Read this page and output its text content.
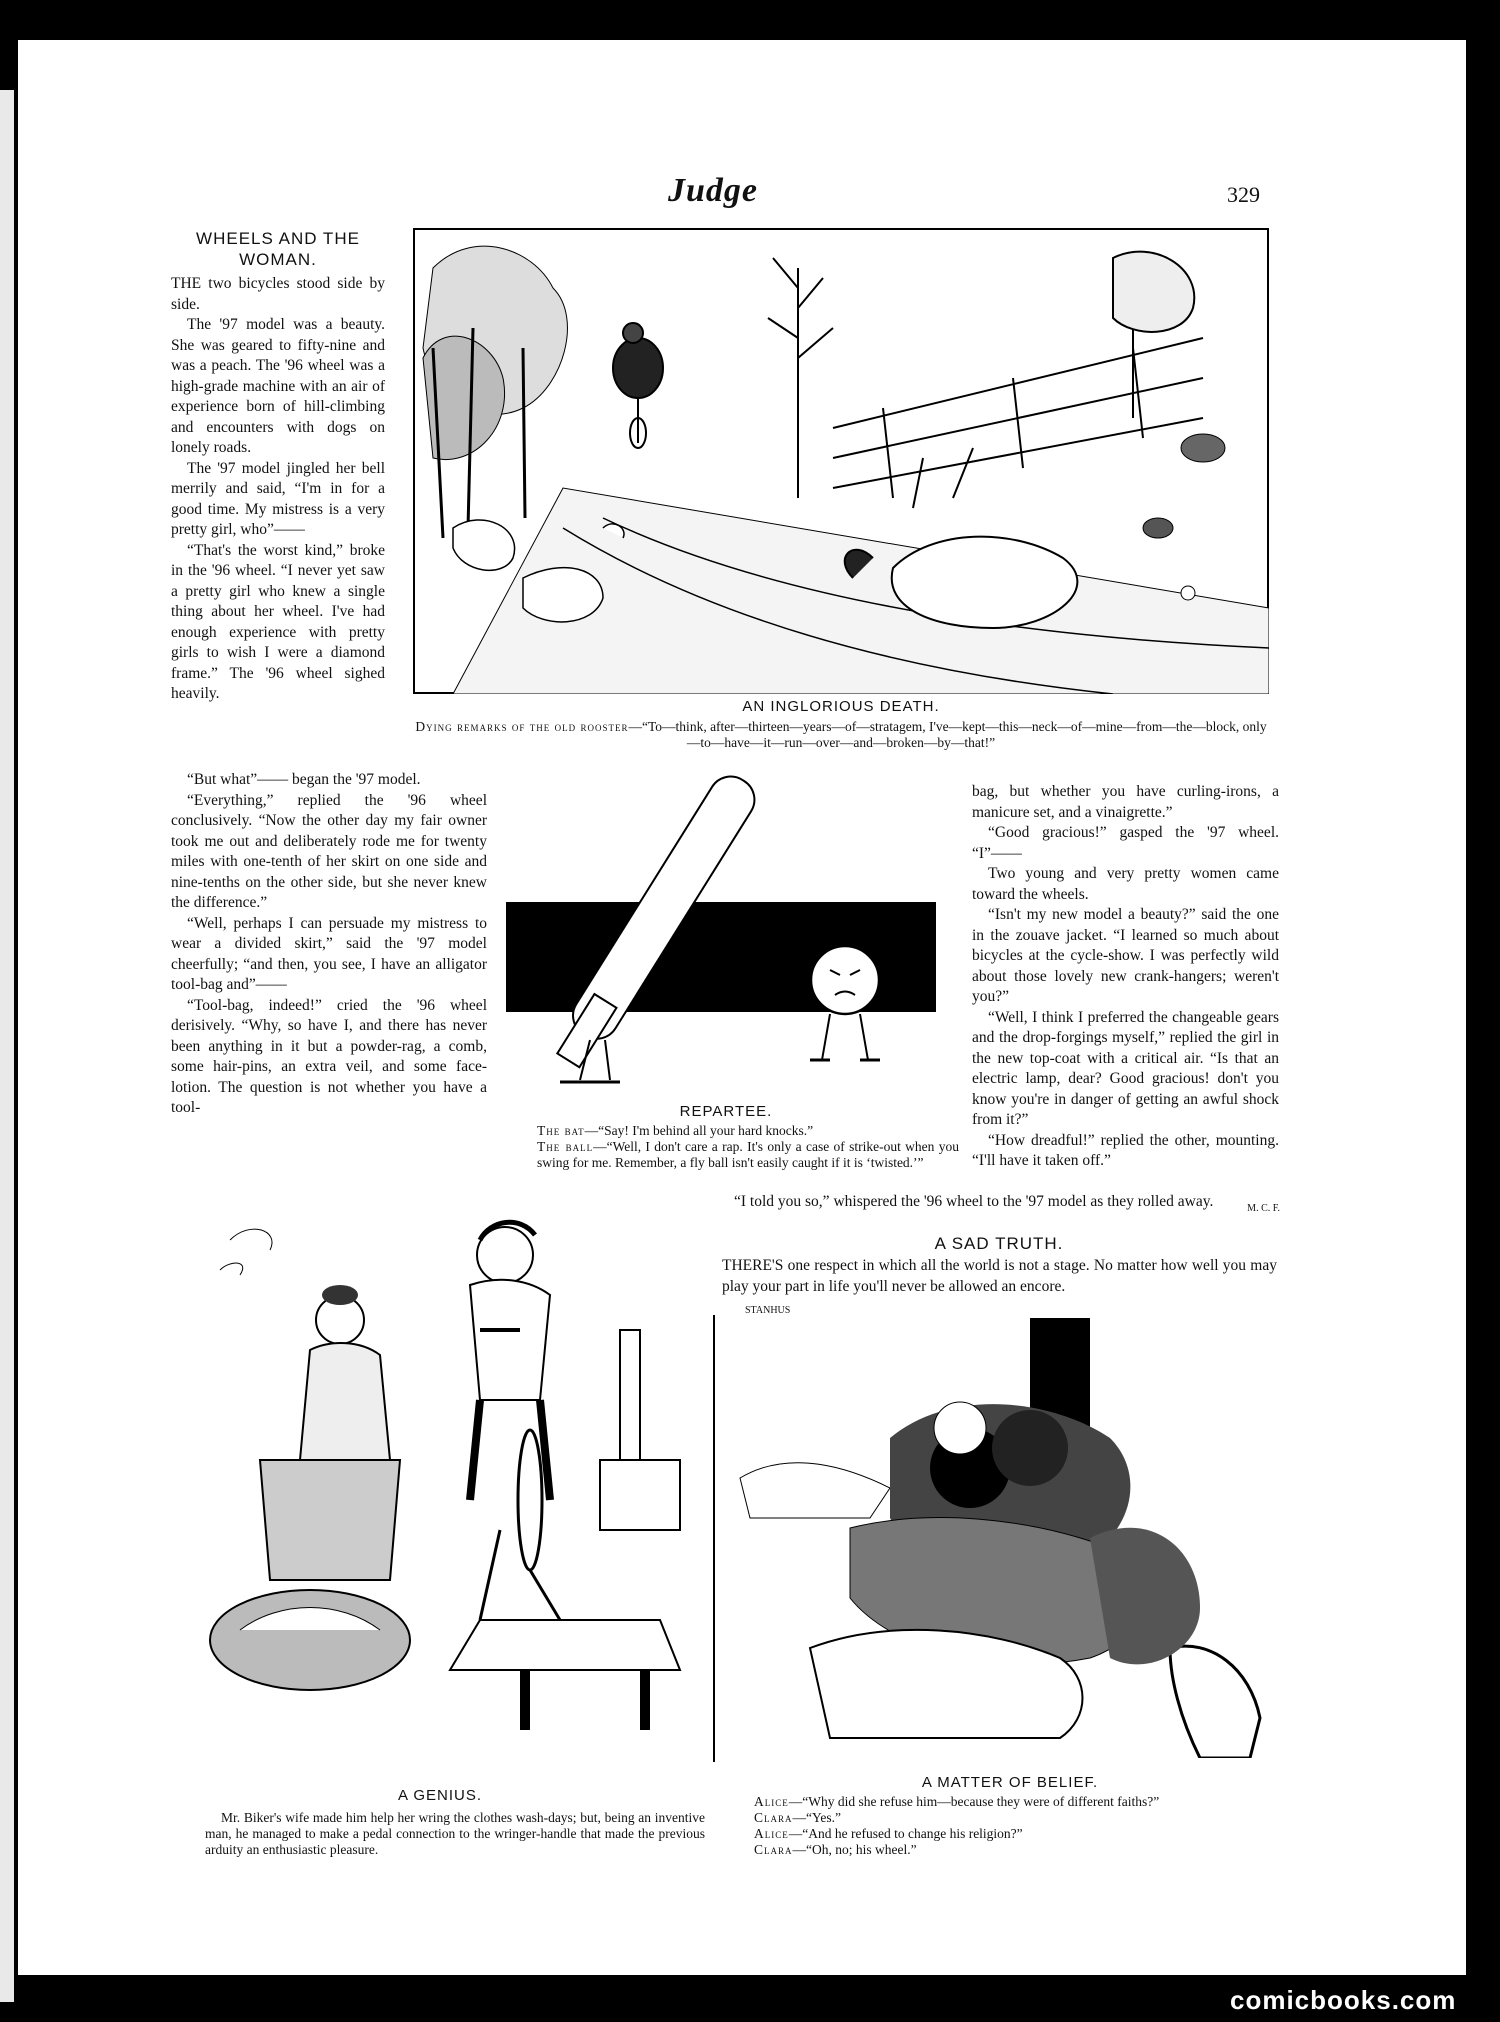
Judge	329
WHEELS AND THE WOMAN.

THE two bicycles stood side by side.

The '97 model was a beauty. She was geared to fifty-nine and was a peach. The '96 wheel was a high-grade machine with an air of experience born of hill-climbing and encounters with dogs on lonely roads.

The '97 model jingled her bell merrily and said, “I'm in for a good time. My mistress is a very pretty girl, who”——

“That's the worst kind,” broke in the '96 wheel. “I never yet saw a pretty girl who knew a single thing about her wheel. I've had enough experience with pretty girls to wish I were a diamond frame.” The '96 wheel sighed heavily.

“But what”—— began the '97 model.

“Everything,” replied the '96 wheel conclusively. “Now the other day my fair owner took me out and deliberately rode me for twenty miles with one-tenth of her skirt on one side and nine-tenths on the other side, but she never knew the difference.”

“Well, perhaps I can persuade my mistress to wear a divided skirt,” said the '97 model cheerfully; “and then, you see, I have an alligator tool-bag and”——

“Tool-bag, indeed!” cried the '96 wheel derisively. “Why, so have I, and there has never been anything in it but a powder-rag, a comb, some hair-pins, an extra veil, and some face-lotion. The question is not whether you have a tool-

bag, but whether you have curling-irons, a manicure set, and a vinaigrette.”

“Good gracious!” gasped the '97 wheel. “I”——

Two young and very pretty women came toward the wheels.

“Isn't my new model a beauty?” said the one in the zouave jacket. “I learned so much about bicycles at the cycle-show. I was perfectly wild about those lovely new crank-hangers; weren't you?”

“Well, I think I preferred the changeable gears and the drop-forgings myself,” replied the girl in the new top-coat with a critical air. “Is that an electric lamp, dear? Good gracious! don't you know you're in danger of getting an awful shock from it?”

“How dreadful!” replied the other, mounting. “I'll have it taken off.”

“I told you so,” whispered the '96 wheel to the '97 model as they rolled away.	M. C. F.
AN INGLORIOUS DEATH.
Dying remarks of the old rooster—“To—think, after—thirteen—years—of—stratagem, I've—kept—this—neck—of—mine—from—the—block, only—to—have—it—run—over—and—broken—by—that!”
REPARTEE.
The bat—“Say! I'm behind all your hard knocks.”
The ball—“Well, I don't care a rap. It's only a case of strike-out when you swing for me. Remember, a fly ball isn't easily caught if it is ‘twisted.’”
A SAD TRUTH.
THERE'S one respect in which all the world is not a stage. No matter how well you may play your part in life you'll never be allowed an encore.
STANHUS
A GENIUS.
Mr. Biker's wife made him help her wring the clothes wash-days; but, being an inventive man, he managed to make a pedal connection to the wringer-handle that made the previous arduity an enthusiastic pleasure.
A MATTER OF BELIEF.
Alice—“Why did she refuse him—because they were of different faiths?”
Clara—“Yes.”
Alice—“And he refused to change his religion?”
Clara—“Oh, no; his wheel.”
comicbooks.com
